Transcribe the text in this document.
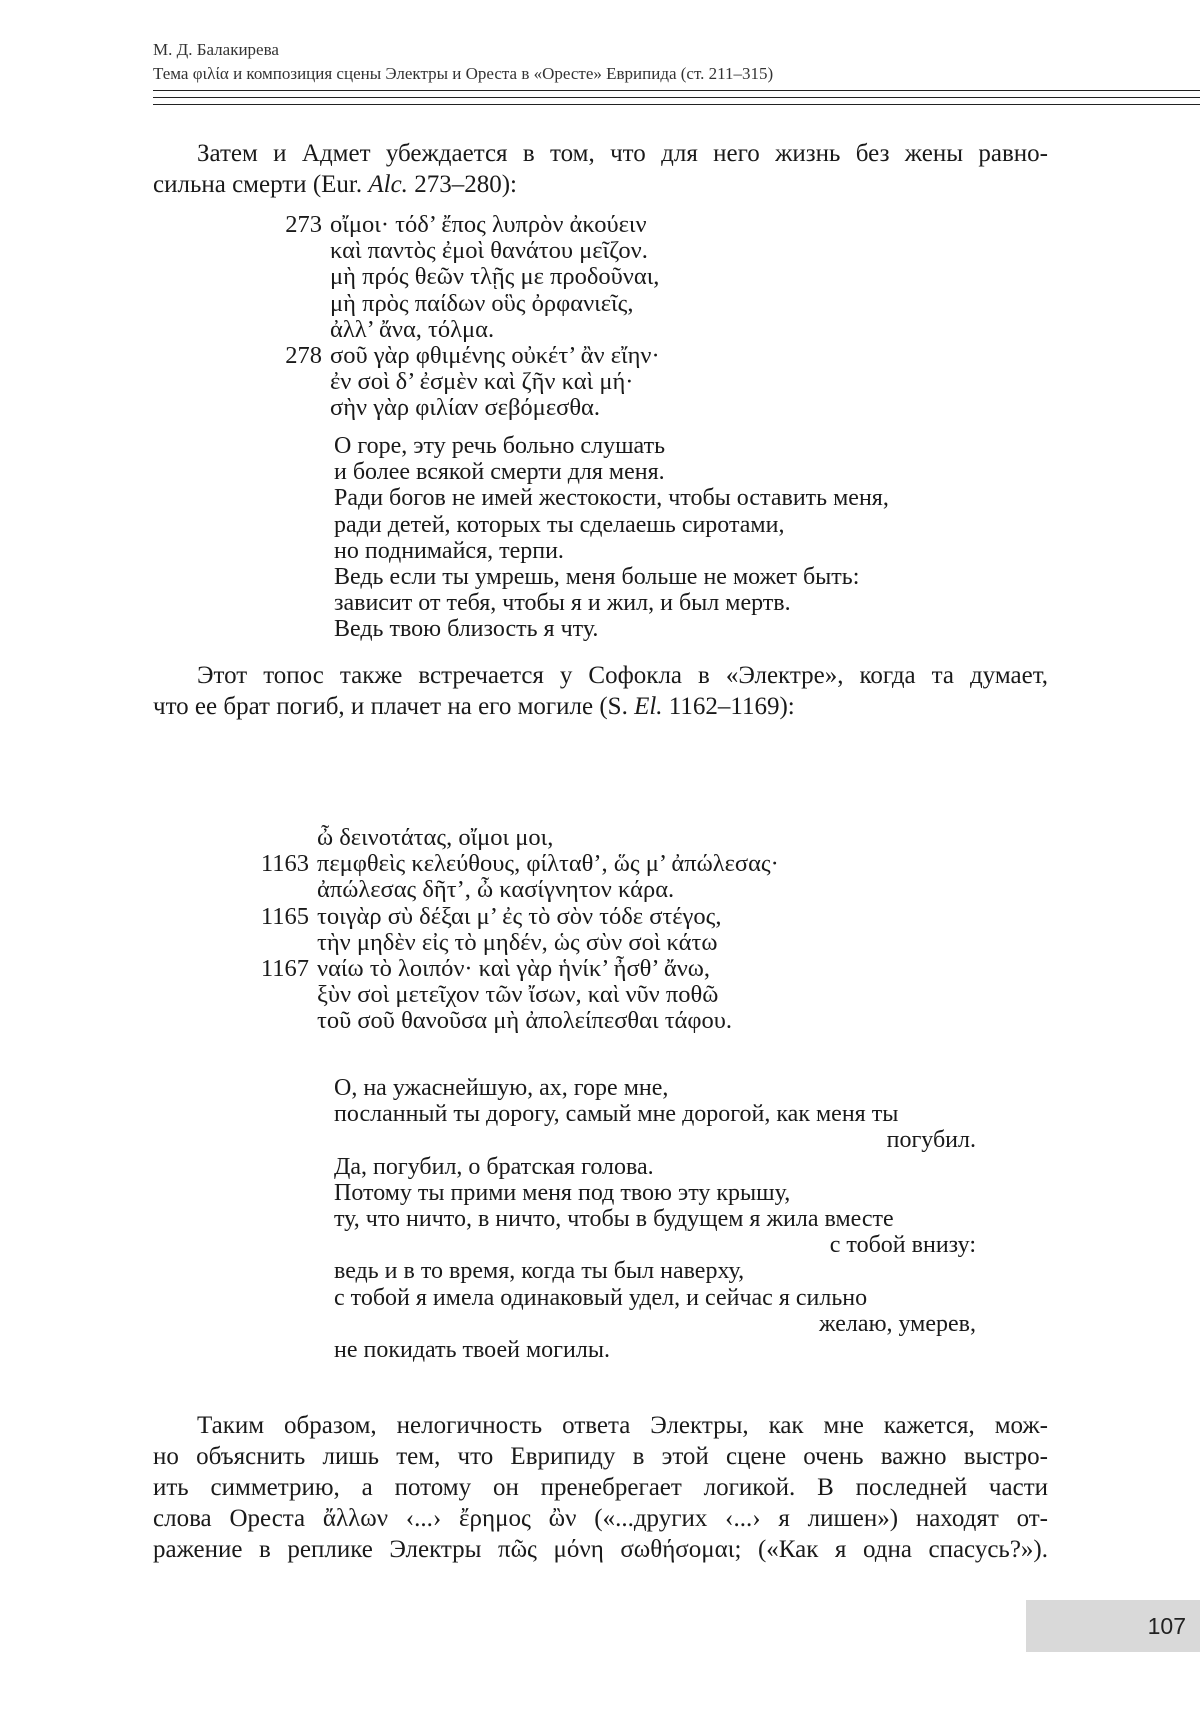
М. Д. Балакирева
Тема φιλία и композиция сцены Электры и Ореста в «Оресте» Еврипида (ст. 211–315)
Затем и Адмет убеждается в том, что для него жизнь без жены равно-
сильна смерти (Eur. Alc. 273–280):
273 οἴμοι· τόδ’ ἔπος λυπρὸν ἀκούειν
καὶ παντὸς ἐμοὶ θανάτου μεῖζον.
μὴ πρός θεῶν τλῇς με προδοῦναι,
μὴ πρὸς παίδων οὓς ὀρφανιεῖς,
ἀλλ’ ἄνα, τόλμα.
278 σοῦ γὰρ φθιμένης οὐκέτ’ ἂν εἴην·
ἐν σοὶ δ’ ἐσμὲν καὶ ζῆν καὶ μή·
σὴν γὰρ φιλίαν σεβόμεσθα.
О горе, эту речь больно слушать
и более всякой смерти для меня.
Ради богов не имей жестокости, чтобы оставить меня,
ради детей, которых ты сделаешь сиротами,
но поднимайся, терпи.
Ведь если ты умрешь, меня больше не может быть:
зависит от тебя, чтобы я и жил, и был мертв.
Ведь твою близость я чту.
Этот топос также встречается у Софокла в «Электре», когда та думает,
что ее брат погиб, и плачет на его могиле (S. El. 1162–1169):
ὦ δεινοτάτας, οἴμοι μοι,
1163 πεμφθεὶς κελεύθους, φίλταθ’, ὥς μ’ ἀπώλεσας·
ἀπώλεσας δῆτ’, ὦ κασίγνητον κάρα.
1165 τοιγὰρ σὺ δέξαι μ’ ἐς τὸ σὸν τόδε στέγος,
τὴν μηδὲν εἰς τὸ μηδέν, ὡς σὺν σοὶ κάτω
1167 ναίω τὸ λοιπόν· καὶ γὰρ ἡνίκ’ ἦσθ’ ἄνω,
ξὺν σοὶ μετεῖχον τῶν ἴσων, καὶ νῦν ποθῶ
τοῦ σοῦ θανοῦσα μὴ ἀπολείπεσθαι τάφου.
О, на ужаснейшую, ах, горе мне,
посланный ты дорогу, самый мне дорогой, как меня ты
погубил.
Да, погубил, о братская голова.
Потому ты прими меня под твою эту крышу,
ту, что ничто, в ничто, чтобы в будущем я жила вместе
с тобой внизу:
ведь и в то время, когда ты был наверху,
с тобой я имела одинаковый удел, и сейчас я сильно
желаю, умерев,
не покидать твоей могилы.
Таким образом, нелогичность ответа Электры, как мне кажется, мож-
но объяснить лишь тем, что Еврипиду в этой сцене очень важно выстро-
ить симметрию, а потому он пренебрегает логикой. В последней части
слова Ореста ἄλλων ‹...› ἔρημος ὢν («...других ‹...› я лишен») находят от-
ражение в реплике Электры πῶς μόνη σωθήσομαι; («Как я одна спасусь?»).
107
